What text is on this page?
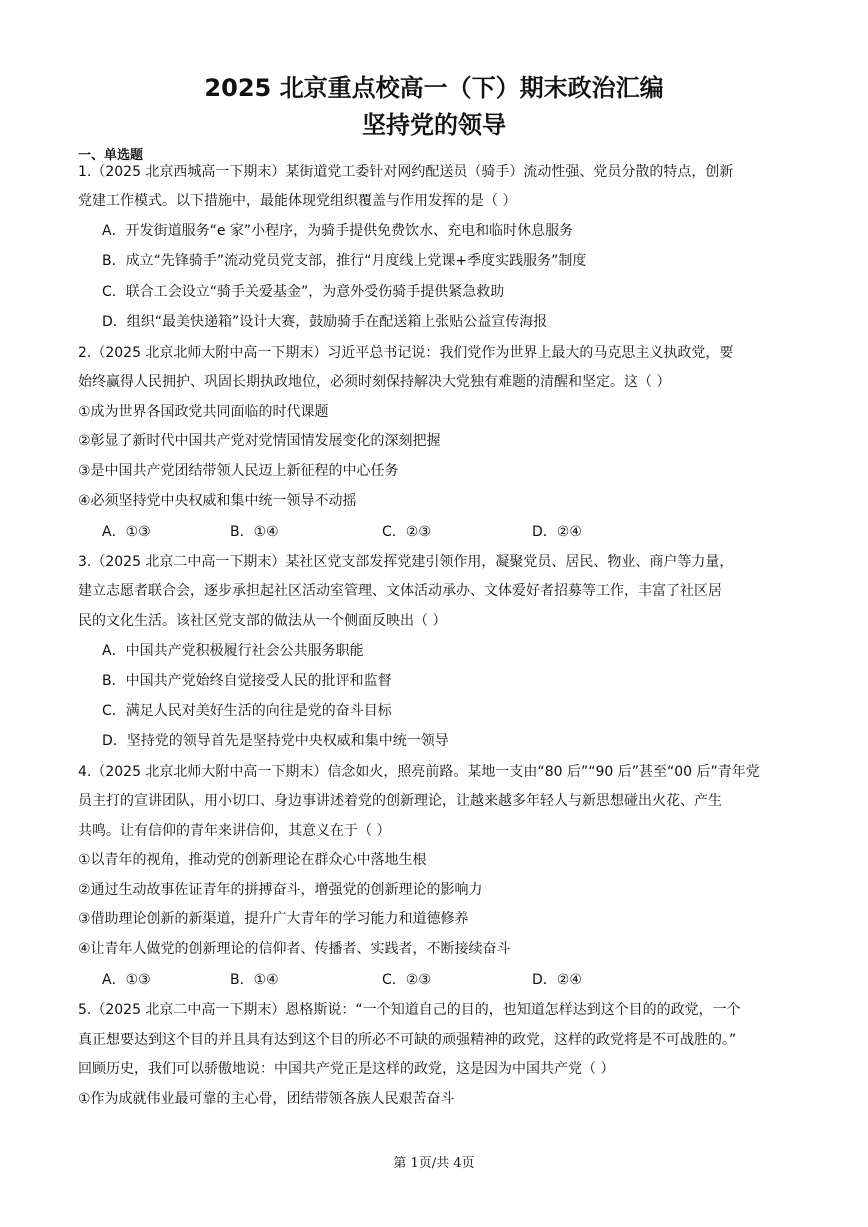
2025 北京重点校高一（下）期末政治汇编
坚持党的领导
一、单选题
1.（2025 北京西城高一下期末）某街道党工委针对网约配送员（骑手）流动性强、党员分散的特点，创新
党建工作模式。以下措施中，最能体现党组织覆盖与作用发挥的是（ ）
A．开发街道服务“e 家”小程序，为骑手提供免费饮水、充电和临时休息服务
B．成立“先锋骑手”流动党员党支部，推行“月度线上党课+季度实践服务”制度
C．联合工会设立“骑手关爱基金”，为意外受伤骑手提供紧急救助
D．组织“最美快递箱”设计大赛，鼓励骑手在配送箱上张贴公益宣传海报
2.（2025 北京北师大附中高一下期末）习近平总书记说：我们党作为世界上最大的马克思主义执政党，要
始终赢得人民拥护、巩固长期执政地位，必须时刻保持解决大党独有难题的清醒和坚定。这（ ）
①成为世界各国政党共同面临的时代课题
②彰显了新时代中国共产党对党情国情发展变化的深刻把握
③是中国共产党团结带领人民迈上新征程的中心任务
④必须坚持党中央权威和集中统一领导不动摇
A．①③	B．①④	C．②③	D．②④
3.（2025 北京二中高一下期末）某社区党支部发挥党建引领作用，凝聚党员、居民、物业、商户等力量，
建立志愿者联合会，逐步承担起社区活动室管理、文体活动承办、文体爱好者招募等工作，丰富了社区居
民的文化生活。该社区党支部的做法从一个侧面反映出（ ）
A．中国共产党积极履行社会公共服务职能
B．中国共产党始终自觉接受人民的批评和监督
C．满足人民对美好生活的向往是党的奋斗目标
D．坚持党的领导首先是坚持党中央权威和集中统一领导
4.（2025 北京北师大附中高一下期末）信念如火，照亮前路。某地一支由“80 后”“90 后”甚至“00 后”青年党
员主打的宣讲团队，用小切口、身边事讲述着党的创新理论，让越来越多年轻人与新思想碰出火花、产生
共鸣。让有信仰的青年来讲信仰，其意义在于（ ）
①以青年的视角，推动党的创新理论在群众心中落地生根
②通过生动故事佐证青年的拼搏奋斗，增强党的创新理论的影响力
③借助理论创新的新渠道，提升广大青年的学习能力和道德修养
④让青年人做党的创新理论的信仰者、传播者、实践者，不断接续奋斗
A．①③	B．①④	C．②③	D．②④
5.（2025 北京二中高一下期末）恩格斯说：“一个知道自己的目的，也知道怎样达到这个目的的政党，一个
真正想要达到这个目的并且具有达到这个目的所必不可缺的顽强精神的政党，这样的政党将是不可战胜的。”
回顾历史，我们可以骄傲地说：中国共产党正是这样的政党，这是因为中国共产党（ ）
①作为成就伟业最可靠的主心骨，团结带领各族人民艰苦奋斗
第 1页/共 4页
